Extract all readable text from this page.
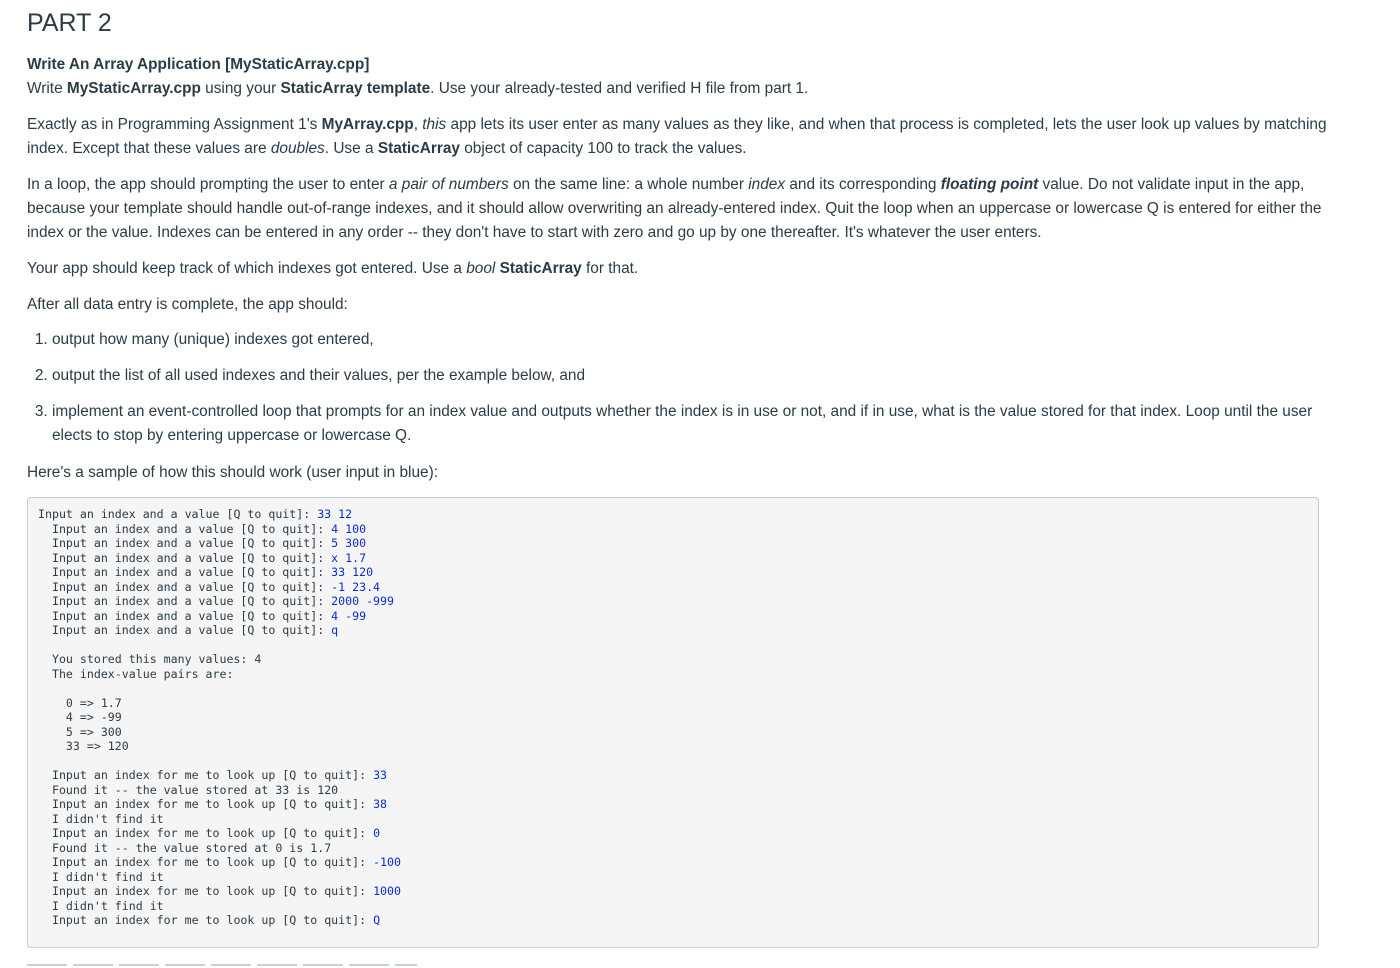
PART 2

Write An Array Application [MyStaticArray.cpp]

Write MyStaticArray.cpp using your StaticArray template. Use your already-tested and verified H file from part 1.

Exactly as in Programming Assignment 1's MyArray.cpp, this app lets its user enter as many values as they like, and when that process is completed, lets the user look up values by matching index. Except that these values are doubles. Use a StaticArray object of capacity 100 to track the values.

In a loop, the app should prompting the user to enter a pair of numbers on the same line: a whole number index and its corresponding floating point value. Do not validate input in the app, because your template should handle out-of-range indexes, and it should allow overwriting an already-entered index. Quit the loop when an uppercase or lowercase Q is entered for either the index or the value. Indexes can be entered in any order -- they don't have to start with zero and go up by one thereafter. It's whatever the user enters.

Your app should keep track of which indexes got entered. Use a bool StaticArray for that.

After all data entry is complete, the app should:

1. output how many (unique) indexes got entered,
2. output the list of all used indexes and their values, per the example below, and
3. implement an event-controlled loop that prompts for an index value and outputs whether the index is in use or not, and if in use, what is the value stored for that index. Loop until the user elects to stop by entering uppercase or lowercase Q.

Here's a sample of how this should work (user input in blue):

Input an index and a value [Q to quit]: 33 12
Input an index and a value [Q to quit]: 4 100
Input an index and a value [Q to quit]: 5 300
Input an index and a value [Q to quit]: x 1.7
Input an index and a value [Q to quit]: 33 120
Input an index and a value [Q to quit]: -1 23.4
Input an index and a value [Q to quit]: 2000 -999
Input an index and a value [Q to quit]: 4 -99
Input an index and a value [Q to quit]: q

You stored this many values: 4
The index-value pairs are:

0 => 1.7
4 => -99
5 => 300
33 => 120

Input an index for me to look up [Q to quit]: 33
Found it -- the value stored at 33 is 120
Input an index for me to look up [Q to quit]: 38
I didn't find it
Input an index for me to look up [Q to quit]: 0
Found it -- the value stored at 0 is 1.7
Input an index for me to look up [Q to quit]: -100
I didn't find it
Input an index for me to look up [Q to quit]: 1000
I didn't find it
Input an index for me to look up [Q to quit]: Q
